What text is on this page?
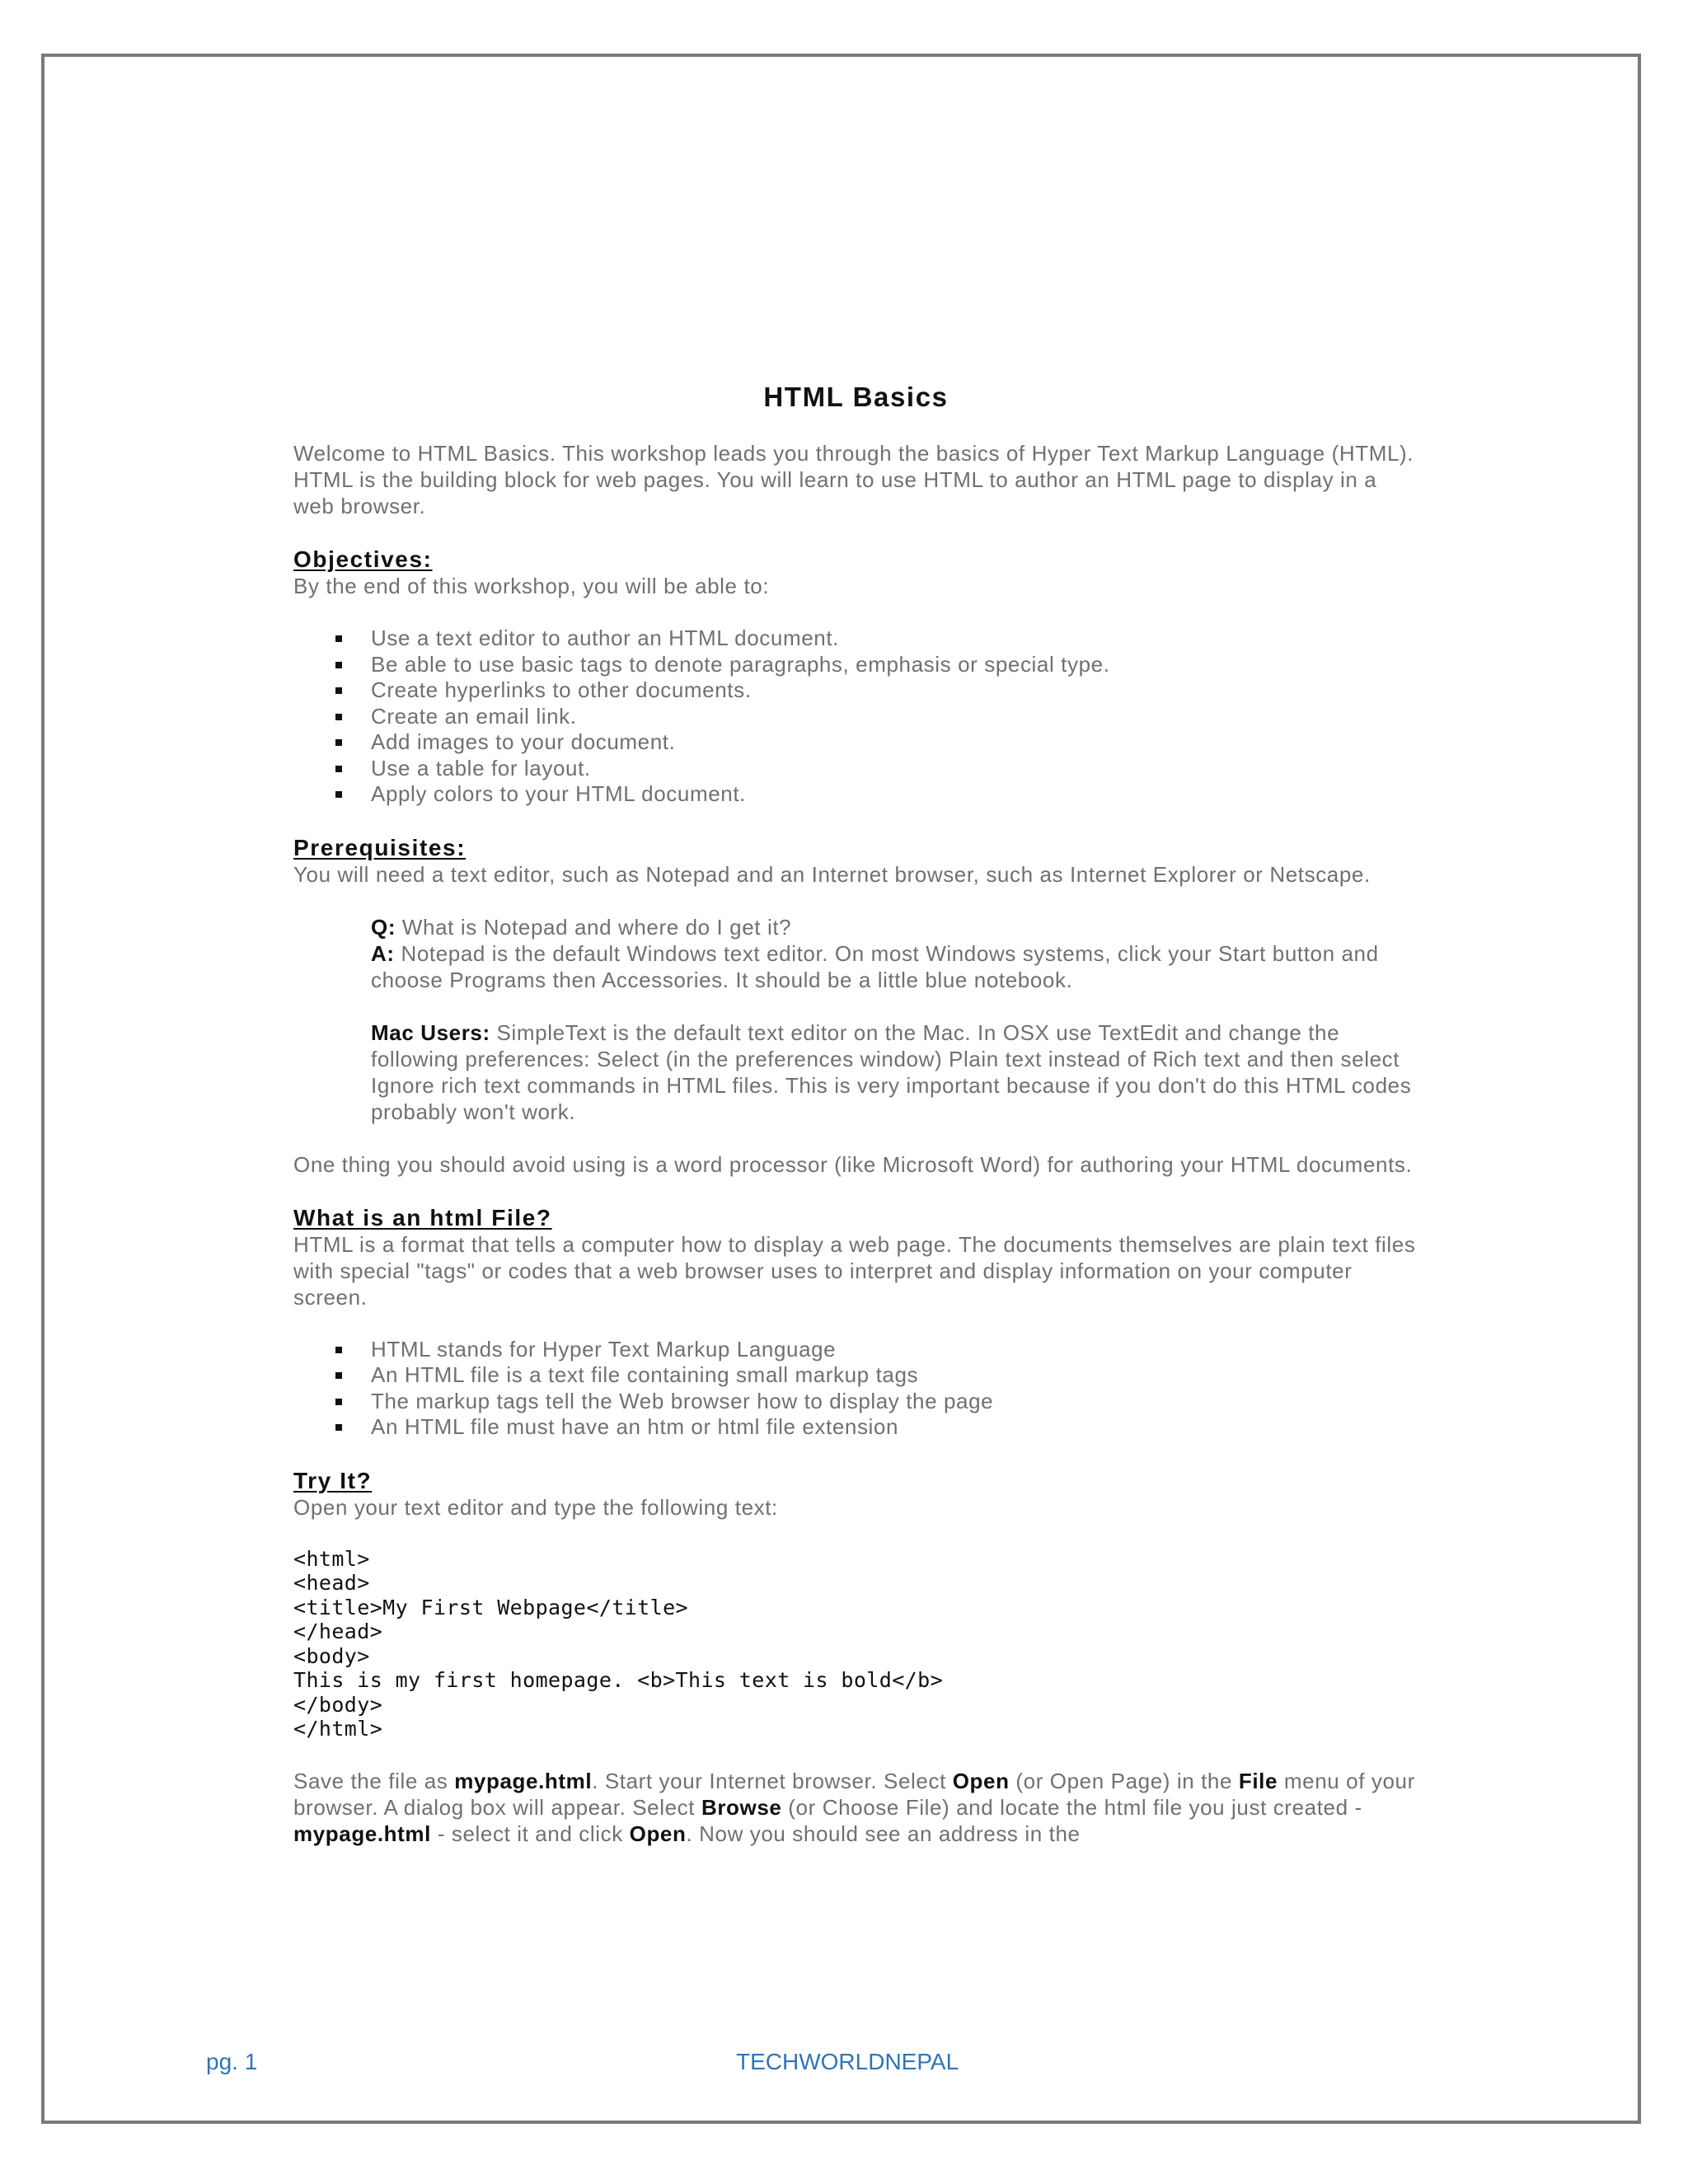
HTML Basics

Welcome to HTML Basics. This workshop leads you through the basics of Hyper Text Markup Language (HTML). HTML is the building block for web pages. You will learn to use HTML to author an HTML page to display in a web browser.

Objectives:

By the end of this workshop, you will be able to:

Use a text editor to author an HTML document.
Be able to use basic tags to denote paragraphs, emphasis or special type.
Create hyperlinks to other documents.
Create an email link.
Add images to your document.
Use a table for layout.
Apply colors to your HTML document.
Prerequisites:

You will need a text editor, such as Notepad and an Internet browser, such as Internet Explorer or Netscape.

Q: What is Notepad and where do I get it?

A: Notepad is the default Windows text editor. On most Windows systems, click your Start button and choose Programs then Accessories. It should be a little blue notebook.

Mac Users: SimpleText is the default text editor on the Mac. In OSX use TextEdit and change the following preferences: Select (in the preferences window) Plain text instead of Rich text and then select Ignore rich text commands in HTML files. This is very important because if you don't do this HTML codes probably won't work.

One thing you should avoid using is a word processor (like Microsoft Word) for authoring your HTML documents.

What is an html File?

HTML is a format that tells a computer how to display a web page. The documents themselves are plain text files with special "tags" or codes that a web browser uses to interpret and display information on your computer screen.

HTML stands for Hyper Text Markup Language
An HTML file is a text file containing small markup tags
The markup tags tell the Web browser how to display the page
An HTML file must have an htm or html file extension
Try It?

Open your text editor and type the following text:

<html>
<head>
<title>My First Webpage</title>
</head>
<body>
This is my first homepage. <b>This text is bold</b>
</body>
</html>

Save the file as mypage.html. Start your Internet browser. Select Open (or Open Page) in the File menu of your browser. A dialog box will appear. Select Browse (or Choose File) and locate the html file you just created - mypage.html - select it and click Open. Now you should see an address in the

pg. 1	TECHWORLDNEPAL
